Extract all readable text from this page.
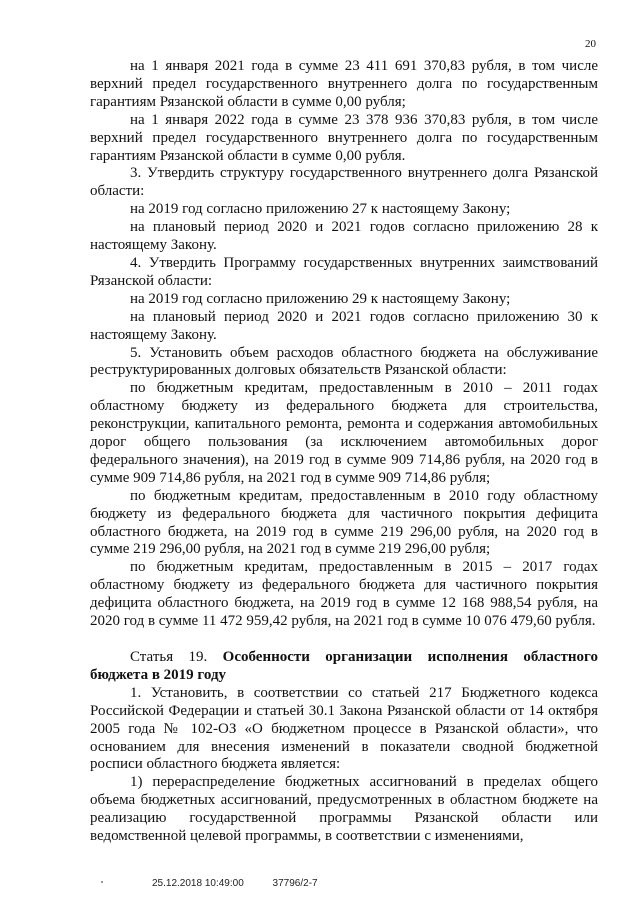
20

на 1 января 2021 года в сумме 23 411 691 370,83 рубля, в том числе верхний предел государственного внутреннего долга по государственным гарантиям Рязанской области в сумме 0,00 рубля;

на 1 января 2022 года в сумме 23 378 936 370,83 рубля, в том числе верхний предел государственного внутреннего долга по государственным гарантиям Рязанской области в сумме 0,00 рубля.

3. Утвердить структуру государственного внутреннего долга Рязанской области:

на 2019 год согласно приложению 27 к настоящему Закону;

на плановый период 2020 и 2021 годов согласно приложению 28 к настоящему Закону.

4. Утвердить Программу государственных внутренних заимствований Рязанской области:

на 2019 год согласно приложению 29 к настоящему Закону;

на плановый период 2020 и 2021 годов согласно приложению 30 к настоящему Закону.

5. Установить объем расходов областного бюджета на обслуживание реструктурированных долговых обязательств Рязанской области:

по бюджетным кредитам, предоставленным в 2010 – 2011 годах областному бюджету из федерального бюджета для строительства, реконструкции, капитального ремонта, ремонта и содержания автомобильных дорог общего пользования (за исключением автомобильных дорог федерального значения), на 2019 год в сумме 909 714,86 рубля, на 2020 год в сумме 909 714,86 рубля, на 2021 год в сумме 909 714,86 рубля;

по бюджетным кредитам, предоставленным в 2010 году областному бюджету из федерального бюджета для частичного покрытия дефицита областного бюджета, на 2019 год в сумме 219 296,00 рубля, на 2020 год в сумме 219 296,00 рубля, на 2021 год в сумме 219 296,00 рубля;

по бюджетным кредитам, предоставленным в 2015 – 2017 годах областному бюджету из федерального бюджета для частичного покрытия дефицита областного бюджета, на 2019 год в сумме 12 168 988,54 рубля, на 2020 год в сумме 11 472 959,42 рубля, на 2021 год в сумме 10 076 479,60 рубля.

Статья 19. Особенности организации исполнения областного бюджета в 2019 году

1. Установить, в соответствии со статьей 217 Бюджетного кодекса Российской Федерации и статьей 30.1 Закона Рязанской области от 14 октября 2005 года № 102-ОЗ «О бюджетном процессе в Рязанской области», что основанием для внесения изменений в показатели сводной бюджетной росписи областного бюджета является:

1) перераспределение бюджетных ассигнований в пределах общего объема бюджетных ассигнований, предусмотренных в областном бюджете на реализацию государственной программы Рязанской области или ведомственной целевой программы, в соответствии с изменениями,

25.12.2018 10:49:00	37796/2-7
